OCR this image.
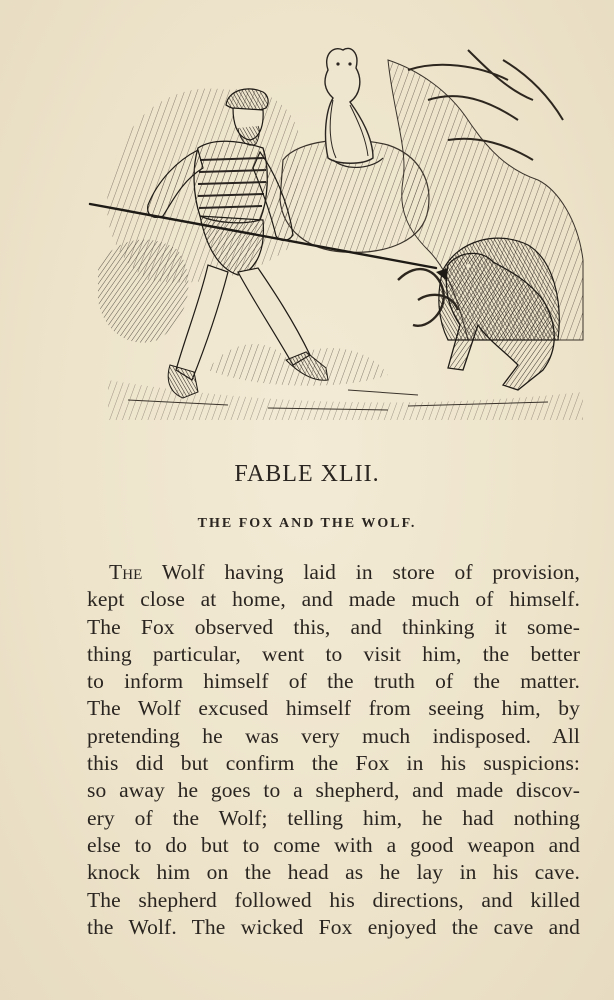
FABLE XLII.
THE FOX AND THE WOLF.
The Wolf having laid in store of provision,
kept close at home, and made much of himself.
The Fox observed this, and thinking it some-
thing particular, went to visit him, the better
to inform himself of the truth of the matter.
The Wolf excused himself from seeing him, by
pretending he was very much indisposed. All
this did but confirm the Fox in his suspicions:
so away he goes to a shepherd, and made discov-
ery of the Wolf; telling him, he had nothing
else to do but to come with a good weapon and
knock him on the head as he lay in his cave.
The shepherd followed his directions, and killed
the Wolf. The wicked Fox enjoyed the cave and
